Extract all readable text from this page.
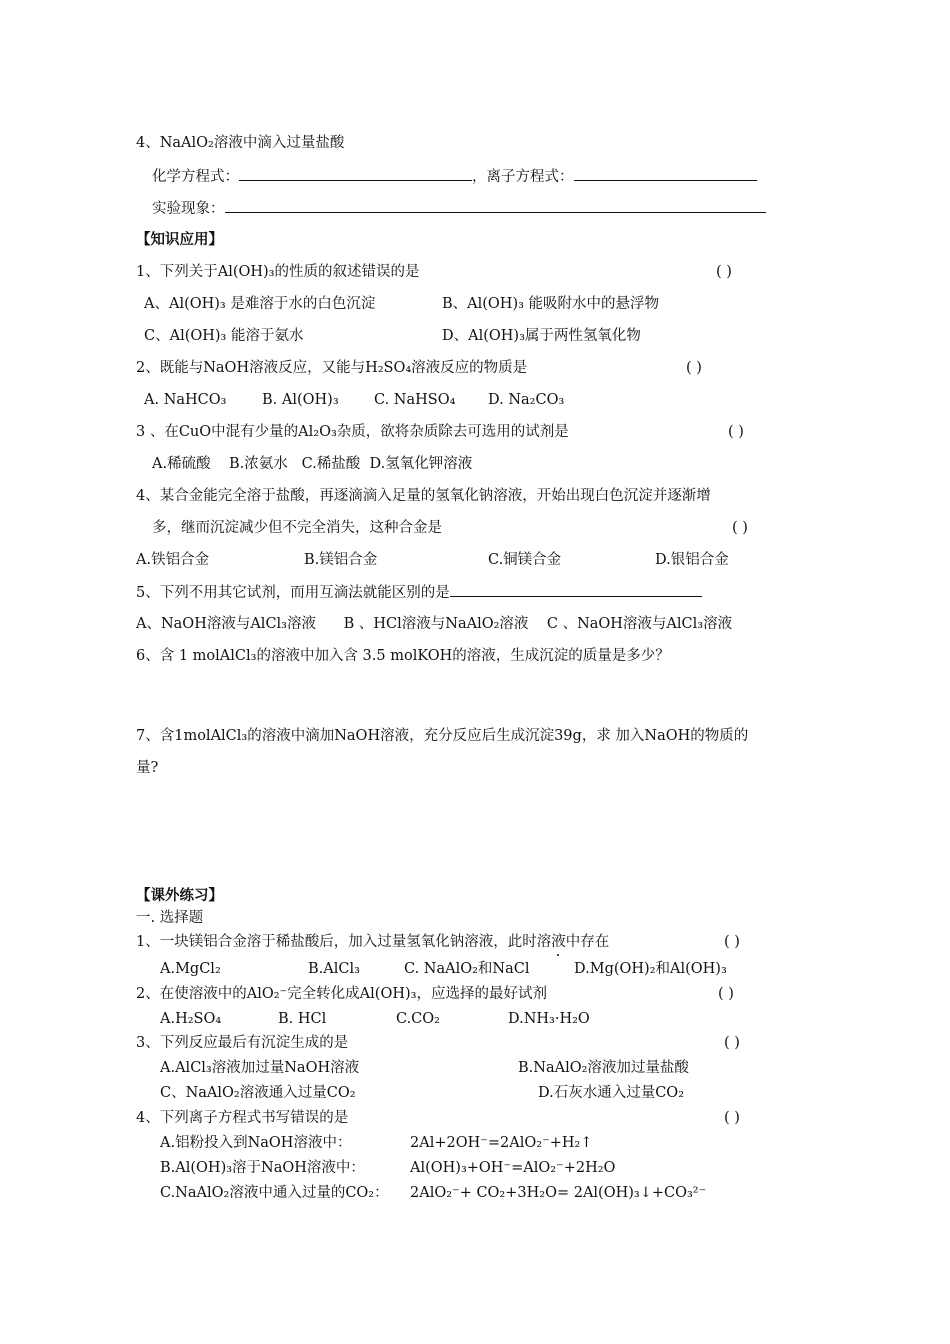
4、NaAlO₂溶液中滴入过量盐酸
化学方程式：	，离子方程式：
实验现象：
【知识应用】
1、下列关于Al(OH)₃的性质的叙述错误的是	( )
A、Al(OH)₃ 是难溶于水的白色沉淀	B、Al(OH)₃ 能吸附水中的悬浮物
C、Al(OH)₃ 能溶于氨水	D、Al(OH)₃属于两性氢氧化物
2、既能与NaOH溶液反应，又能与H₂SO₄溶液反应的物质是	( )
A. NaHCO₃ B. Al(OH)₃ C. NaHSO₄ D. Na₂CO₃
3 、在CuO中混有少量的Al₂O₃杂质，欲将杂质除去可选用的试剂是	( )
A.稀硫酸    B.浓氨水   C.稀盐酸  D.氢氧化钾溶液
4、某合金能完全溶于盐酸，再逐滴滴入足量的氢氧化钠溶液，开始出现白色沉淀并逐渐增
多，继而沉淀减少但不完全消失，这种合金是	( )
A.铁铝合金	B.镁铝合金	C.铜镁合金	D.银铝合金
5、下列不用其它试剂，而用互滴法就能区别的是
A、NaOH溶液与AlCl₃溶液      B 、HCl溶液与NaAlO₂溶液    C 、NaOH溶液与AlCl₃溶液
6、含 1 molAlCl₃的溶液中加入含 3.5 molKOH的溶液，生成沉淀的质量是多少？
7、含1molAlCl₃的溶液中滴加NaOH溶液，充分反应后生成沉淀39g，求 加入NaOH的物质的
量?
【课外练习】
一. 选择题
1、一块镁铝合金溶于稀盐酸后，加入过量氢氧化钠溶液，此时溶液中存在	( )
A.MgCl₂	B.AlCl₃	C. NaAlO₂和NaCl	D.Mg(OH)₂和Al(OH)₃
2、在使溶液中的AlO₂⁻完全转化成Al(OH)₃，应选择的最好试剂	( )
A.H₂SO₄	B. HCl	C.CO₂	D.NH₃·H₂O
3、下列反应最后有沉淀生成的是	( )
A.AlCl₃溶液加过量NaOH溶液	B.NaAlO₂溶液加过量盐酸
C、NaAlO₂溶液通入过量CO₂	D.石灰水通入过量CO₂
4、下列离子方程式书写错误的是	( )
A.铝粉投入到NaOH溶液中：	2Al+2OH⁻=2AlO₂⁻+H₂↑
B.Al(OH)₃溶于NaOH溶液中：	Al(OH)₃+OH⁻=AlO₂⁻+2H₂O
C.NaAlO₂溶液中通入过量的CO₂： 2AlO₂⁻+ CO₂+3H₂O= 2Al(OH)₃↓+CO₃²⁻
